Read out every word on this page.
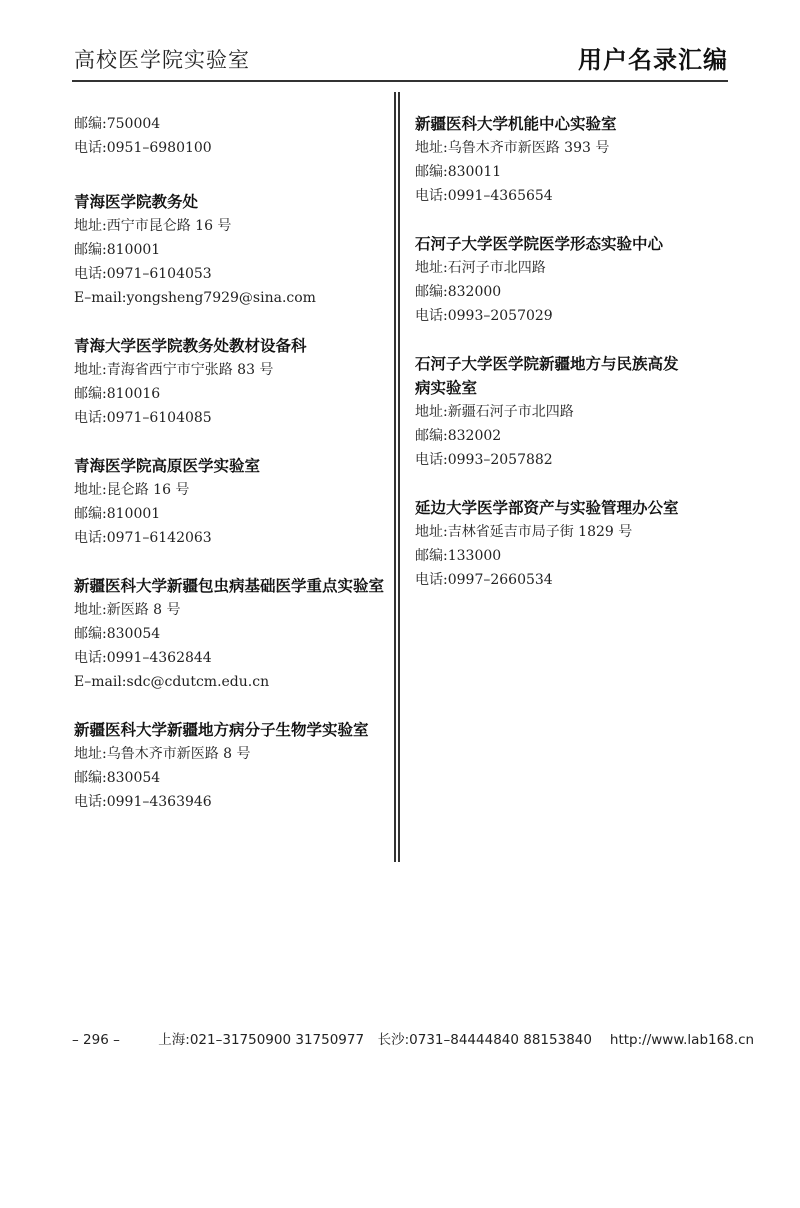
高校医学院实验室	用户名录汇编
邮编:750004
电话:0951–6980100
青海医学院教务处
地址:西宁市昆仑路 16 号
邮编:810001
电话:0971–6104053
E–mail:yongsheng7929@sina.com
青海大学医学院教务处教材设备科
地址:青海省西宁市宁张路 83 号
邮编:810016
电话:0971–6104085
青海医学院高原医学实验室
地址:昆仑路 16 号
邮编:810001
电话:0971–6142063
新疆医科大学新疆包虫病基础医学重点实验室
地址:新医路 8 号
邮编:830054
电话:0991–4362844
E–mail:sdc@cdutcm.edu.cn
新疆医科大学新疆地方病分子生物学实验室
地址:乌鲁木齐市新医路 8 号
邮编:830054
电话:0991–4363946
新疆医科大学机能中心实验室
地址:乌鲁木齐市新医路 393 号
邮编:830011
电话:0991–4365654
石河子大学医学院医学形态实验中心
地址:石河子市北四路
邮编:832000
电话:0993–2057029
石河子大学医学院新疆地方与民族高发
病实验室
地址:新疆石河子市北四路
邮编:832002
电话:0993–2057882
延边大学医学部资产与实验管理办公室
地址:吉林省延吉市局子街 1829 号
邮编:133000
电话:0997–2660534
– 296 –	上海:021–31750900 31750977 长沙:0731–84444840 88153840 http://www.lab168.cn
